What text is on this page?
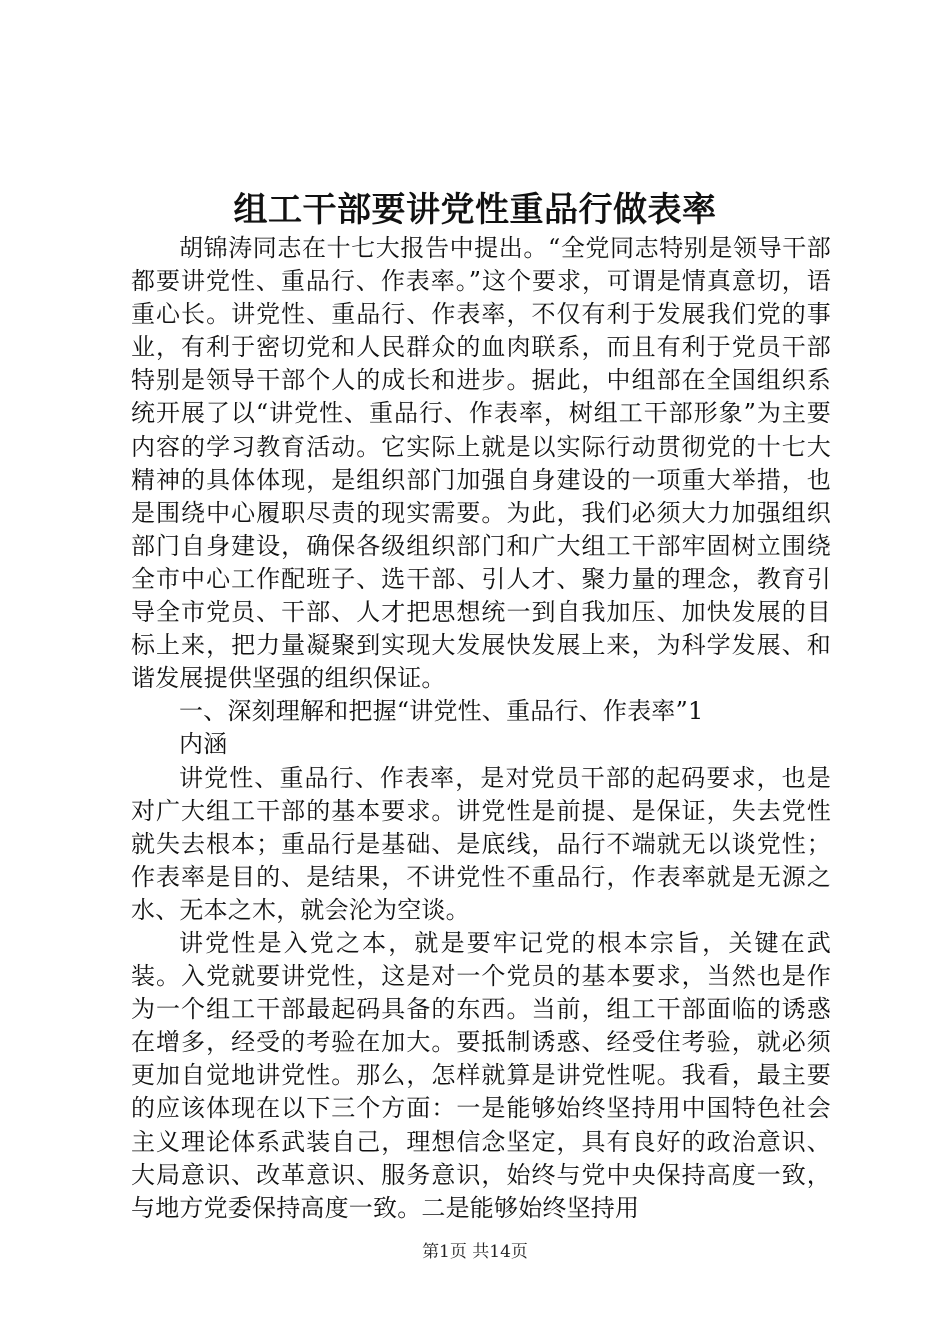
组工干部要讲党性重品行做表率

胡锦涛同志在十七大报告中提出。“全党同志特别是领导干部都要讲党性、重品行、作表率。”这个要求，可谓是情真意切，语重心长。讲党性、重品行、作表率，不仅有利于发展我们党的事业，有利于密切党和人民群众的血肉联系，而且有利于党员干部特别是领导干部个人的成长和进步。据此，中组部在全国组织系统开展了以“讲党性、重品行、作表率，树组工干部形象”为主要内容的学习教育活动。它实际上就是以实际行动贯彻党的十七大精神的具体体现，是组织部门加强自身建设的一项重大举措，也是围绕中心履职尽责的现实需要。为此，我们必须大力加强组织部门自身建设，确保各级组织部门和广大组工干部牢固树立围绕全市中心工作配班子、选干部、引人才、聚力量的理念，教育引导全市党员、干部、人才把思想统一到自我加压、加快发展的目标上来，把力量凝聚到实现大发展快发展上来，为科学发展、和谐发展提供坚强的组织保证。

一、深刻理解和把握“讲党性、重品行、作表率”1

内涵

讲党性、重品行、作表率，是对党员干部的起码要求，也是对广大组工干部的基本要求。讲党性是前提、是保证，失去党性就失去根本；重品行是基础、是底线，品行不端就无以谈党性；作表率是目的、是结果，不讲党性不重品行，作表率就是无源之水、无本之木，就会沦为空谈。

讲党性是入党之本，就是要牢记党的根本宗旨，关键在武装。入党就要讲党性，这是对一个党员的基本要求，当然也是作为一个组工干部最起码具备的东西。当前，组工干部面临的诱惑在增多，经受的考验在加大。要抵制诱惑、经受住考验，就必须更加自觉地讲党性。那么，怎样就算是讲党性呢。我看，最主要的应该体现在以下三个方面：一是能够始终坚持用中国特色社会主义理论体系武装自己，理想信念坚定，具有良好的政治意识、大局意识、改革意识、服务意识，始终与党中央保持高度一致，与地方党委保持高度一致。二是能够始终坚持用

第1页 共14页
